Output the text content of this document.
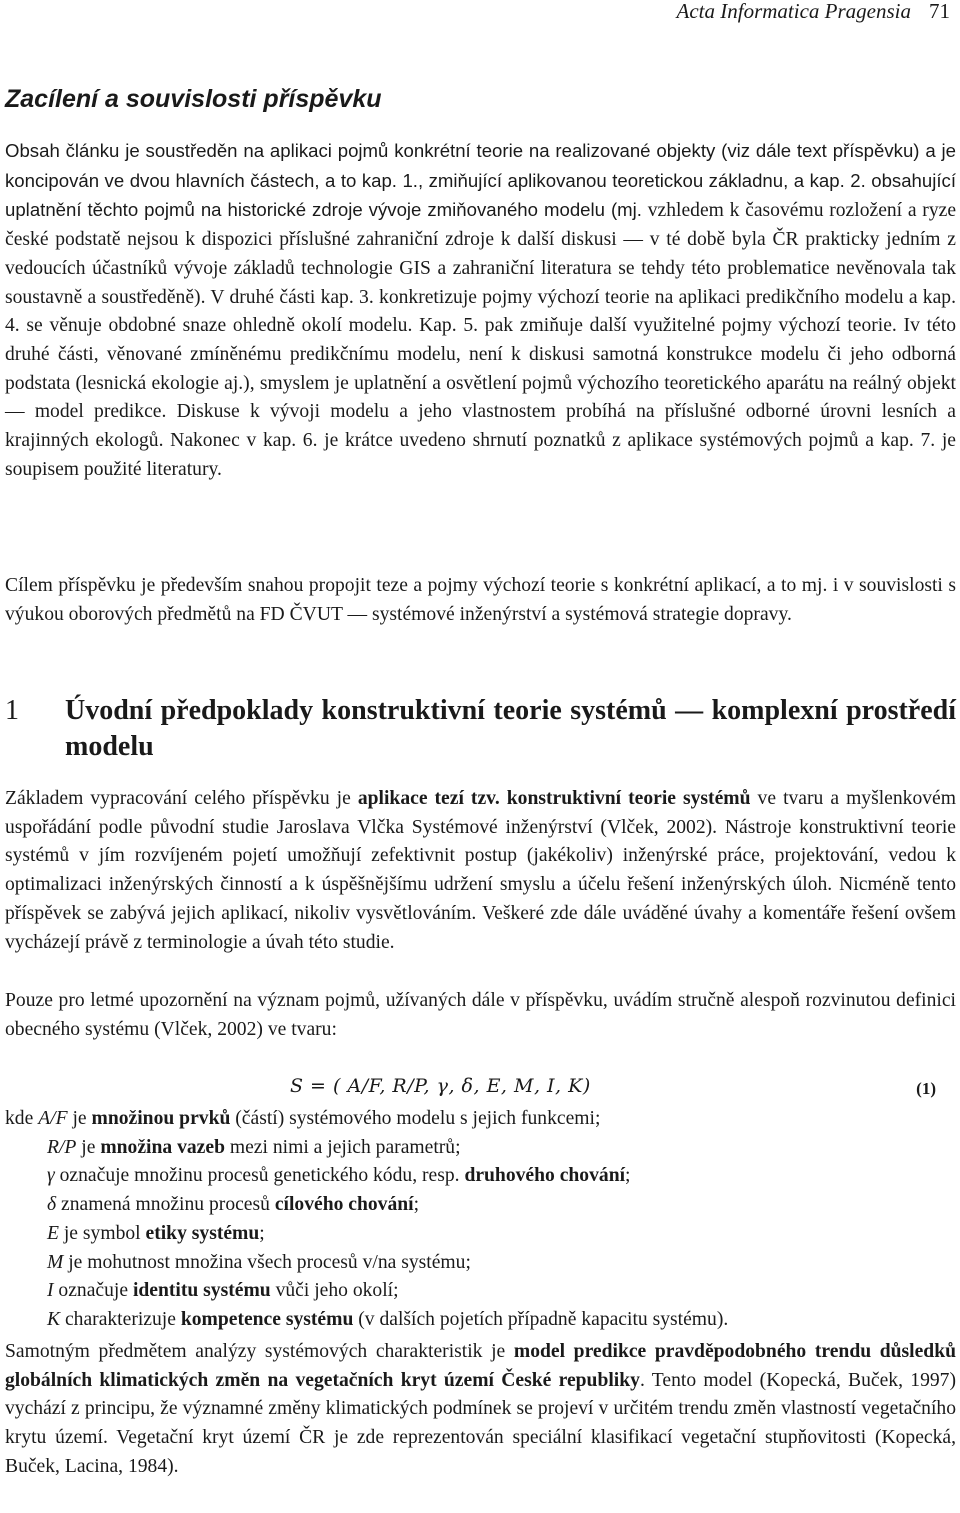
Acta Informatica Pragensia 71
Zacílení a souvislosti příspěvku

Obsah článku je soustředěn na aplikaci pojmů konkrétní teorie na realizované objekty (viz dále text příspěvku) a je koncipován ve dvou hlavních částech, a to kap. 1., zmiňující aplikovanou teoretickou základnu, a kap. 2. obsahující uplatnění těchto pojmů na historické zdroje vývoje zmiňovaného modelu (mj. vzhledem k časovému rozložení a ryze české podstatě nejsou k dispozici příslušné zahraniční zdroje k další diskusi — v té době byla ČR prakticky jedním z vedoucích účastníků vývoje základů technologie GIS a zahraniční literatura se tehdy této problematice nevěnovala tak soustavně a soustředěně). V druhé části kap. 3. konkretizuje pojmy výchozí teorie na aplikaci predikčního modelu a kap. 4. se věnuje obdobné snaze ohledně okolí modelu. Kap. 5. pak zmiňuje další využitelné pojmy výchozí teorie. Iv této druhé části, věnované zmíněnému predikčnímu modelu, není k diskusi samotná konstrukce modelu či jeho odborná podstata (lesnická ekologie aj.), smyslem je uplatnění a osvětlení pojmů výchozího teoretického aparátu na reálný objekt — model predikce. Diskuse k vývoji modelu a jeho vlastnostem probíhá na příslušné odborné úrovni lesních a krajinných ekologů. Nakonec v kap. 6. je krátce uvedeno shrnutí poznatků z aplikace systémových pojmů a kap. 7. je soupisem použité literatury.

Cílem příspěvku je především snahou propojit teze a pojmy výchozí teorie s konkrétní aplikací, a to mj. i v souvislosti s výukou oborových předmětů na FD ČVUT — systémové inženýrství a systémová strategie dopravy.

1 Úvodní předpoklady konstruktivní teorie systémů — komplexní prostředí modelu

Základem vypracování celého příspěvku je aplikace tezí tzv. konstruktivní teorie systémů ve tvaru a myšlenkovém uspořádání podle původní studie Jaroslava Vlčka Systémové inženýrství (Vlček, 2002). Nástroje konstruktivní teorie systémů v jím rozvíjeném pojetí umožňují zefektivnit postup (jakékoliv) inženýrské práce, projektování, vedou k optimalizaci inženýrských činností a k úspěšnějšímu udržení smyslu a účelu řešení inženýrských úloh. Nicméně tento příspěvek se zabývá jejich aplikací, nikoliv vysvětlováním. Veškeré zde dále uváděné úvahy a komentáře řešení ovšem vycházejí právě z terminologie a úvah této studie.

Pouze pro letmé upozornění na význam pojmů, užívaných dále v příspěvku, uvádím stručně alespoň rozvinutou definici obecného systému (Vlček, 2002) ve tvaru:

S = ( A/F, R/P, γ, δ, E, M, I, K)	(1)
kde A/F je množinou prvků (částí) systémového modelu s jejich funkcemi;
R/P je množina vazeb mezi nimi a jejich parametrů;
γ označuje množinu procesů genetického kódu, resp. druhového chování;
δ znamená množinu procesů cílového chování;
E je symbol etiky systému;
M je mohutnost množina všech procesů v/na systému;
I označuje identitu systému vůči jeho okolí;
K charakterizuje kompetence systému (v dalších pojetích případně kapacitu systému).

Samotným předmětem analýzy systémových charakteristik je model predikce pravděpodobného trendu důsledků globálních klimatických změn na vegetačních kryt území České republiky. Tento model (Kopecká, Buček, 1997) vychází z principu, že významné změny klimatických podmínek se projeví v určitém trendu změn vlastností vegetačního krytu území. Vegetační kryt území ČR je zde reprezentován speciální klasifikací vegetační stupňovitosti (Kopecká, Buček, Lacina, 1984).
